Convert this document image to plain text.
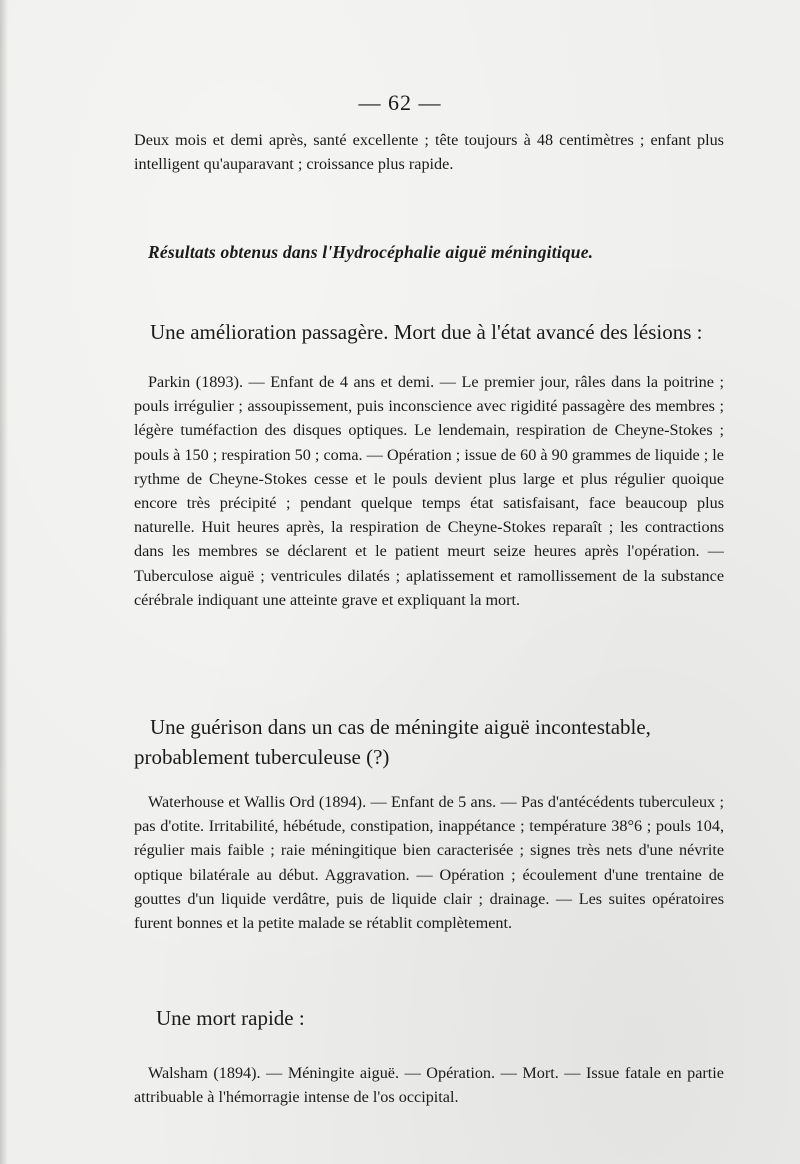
— 62 —
Deux mois et demi après, santé excellente ; tête toujours à 48 centimètres ; enfant plus intelligent qu'auparavant ; croissance plus rapide.
Résultats obtenus dans l'Hydrocéphalie aiguë méningitique.
Une amélioration passagère. Mort due à l'état avancé des lésions :
Parkin (1893). — Enfant de 4 ans et demi. — Le premier jour, râles dans la poitrine ; pouls irrégulier ; assoupissement, puis inconscience avec rigidité passagère des membres ; légère tuméfaction des disques optiques. Le lendemain, respiration de Cheyne-Stokes ; pouls à 150 ; respiration 50 ; coma. — Opération ; issue de 60 à 90 grammes de liquide ; le rythme de Cheyne-Stokes cesse et le pouls devient plus large et plus régulier quoique encore très précipité ; pendant quelque temps état satisfaisant, face beaucoup plus naturelle. Huit heures après, la respiration de Cheyne-Stokes reparaît ; les contractions dans les membres se déclarent et le patient meurt seize heures après l'opération. — Tuberculose aiguë ; ventricules dilatés ; aplatissement et ramollissement de la substance cérébrale indiquant une atteinte grave et expliquant la mort.
Une guérison dans un cas de méningite aiguë incontestable, probablement tuberculeuse (?)
Waterhouse et Wallis Ord (1894). — Enfant de 5 ans. — Pas d'antécédents tuberculeux ; pas d'otite. Irritabilité, hébétude, constipation, inappétance ; température 38°6 ; pouls 104, régulier mais faible ; raie méningitique bien caracterisée ; signes très nets d'une névrite optique bilatérale au début. Aggravation. — Opération ; écoulement d'une trentaine de gouttes d'un liquide verdâtre, puis de liquide clair ; drainage. — Les suites opératoires furent bonnes et la petite malade se rétablit complètement.
Une mort rapide :
Walsham (1894). — Méningite aiguë. — Opération. — Mort. — Issue fatale en partie attribuable à l'hémorragie intense de l'os occipital.
